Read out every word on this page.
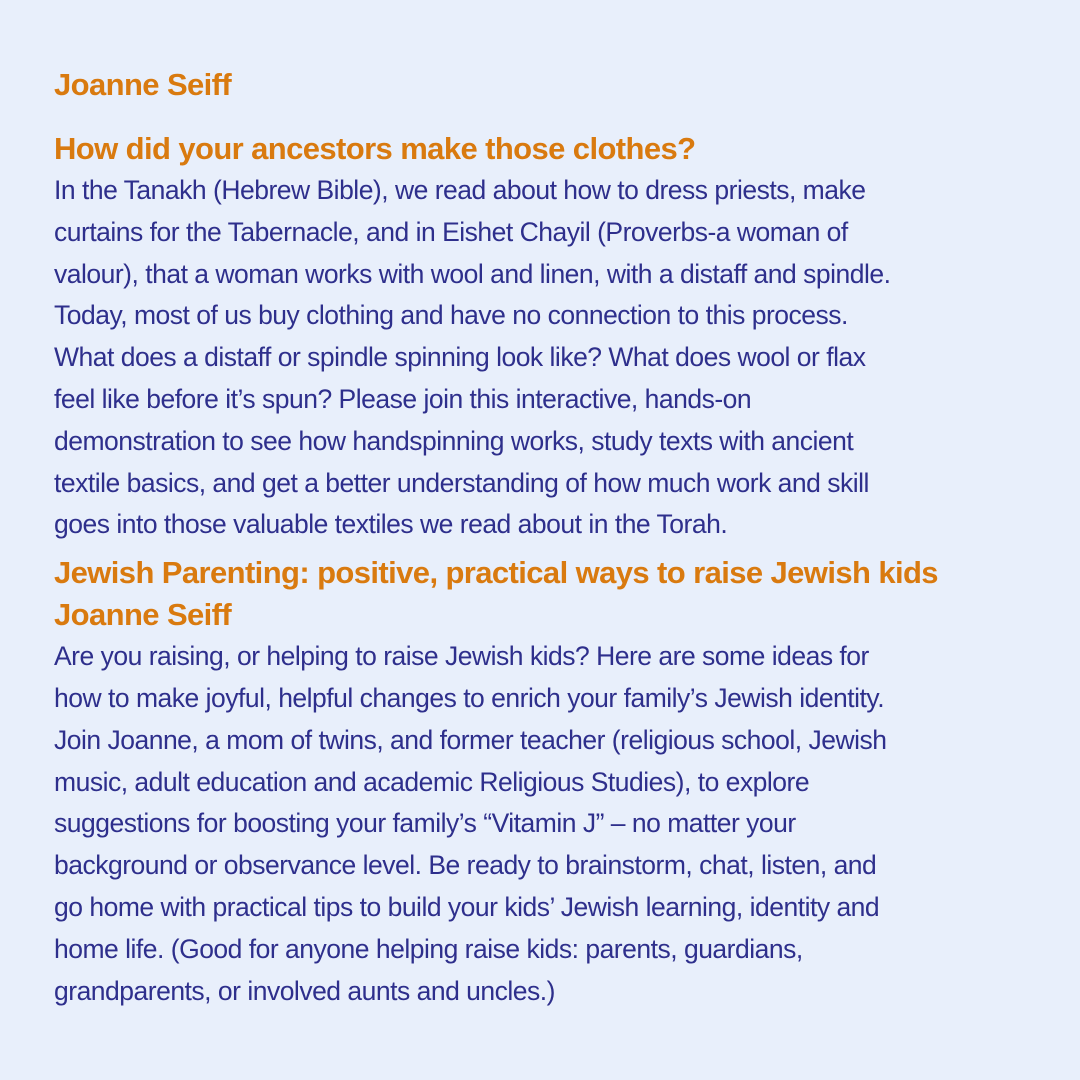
Joanne Seiff

How did your ancestors make those clothes?

In the Tanakh (Hebrew Bible), we read about how to dress priests, make
curtains for the Tabernacle, and in Eishet Chayil (Proverbs-a woman of
valour), that a woman works with wool and linen, with a distaff and spindle.
Today, most of us buy clothing and have no connection to this process.
What does a distaff or spindle spinning look like? What does wool or flax
feel like before it’s spun? Please join this interactive, hands-on
demonstration to see how handspinning works, study texts with ancient
textile basics, and get a better understanding of how much work and skill
goes into those valuable textiles we read about in the Torah.

Jewish Parenting: positive, practical ways to raise Jewish kids

Joanne Seiff

Are you raising, or helping to raise Jewish kids? Here are some ideas for
how to make joyful, helpful changes to enrich your family’s Jewish identity.
Join Joanne, a mom of twins, and former teacher (religious school, Jewish
music, adult education and academic Religious Studies), to explore
suggestions for boosting your family’s “Vitamin J” – no matter your
background or observance level. Be ready to brainstorm, chat, listen, and
go home with practical tips to build your kids’ Jewish learning, identity and
home life. (Good for anyone helping raise kids: parents, guardians,
grandparents, or involved aunts and uncles.)
